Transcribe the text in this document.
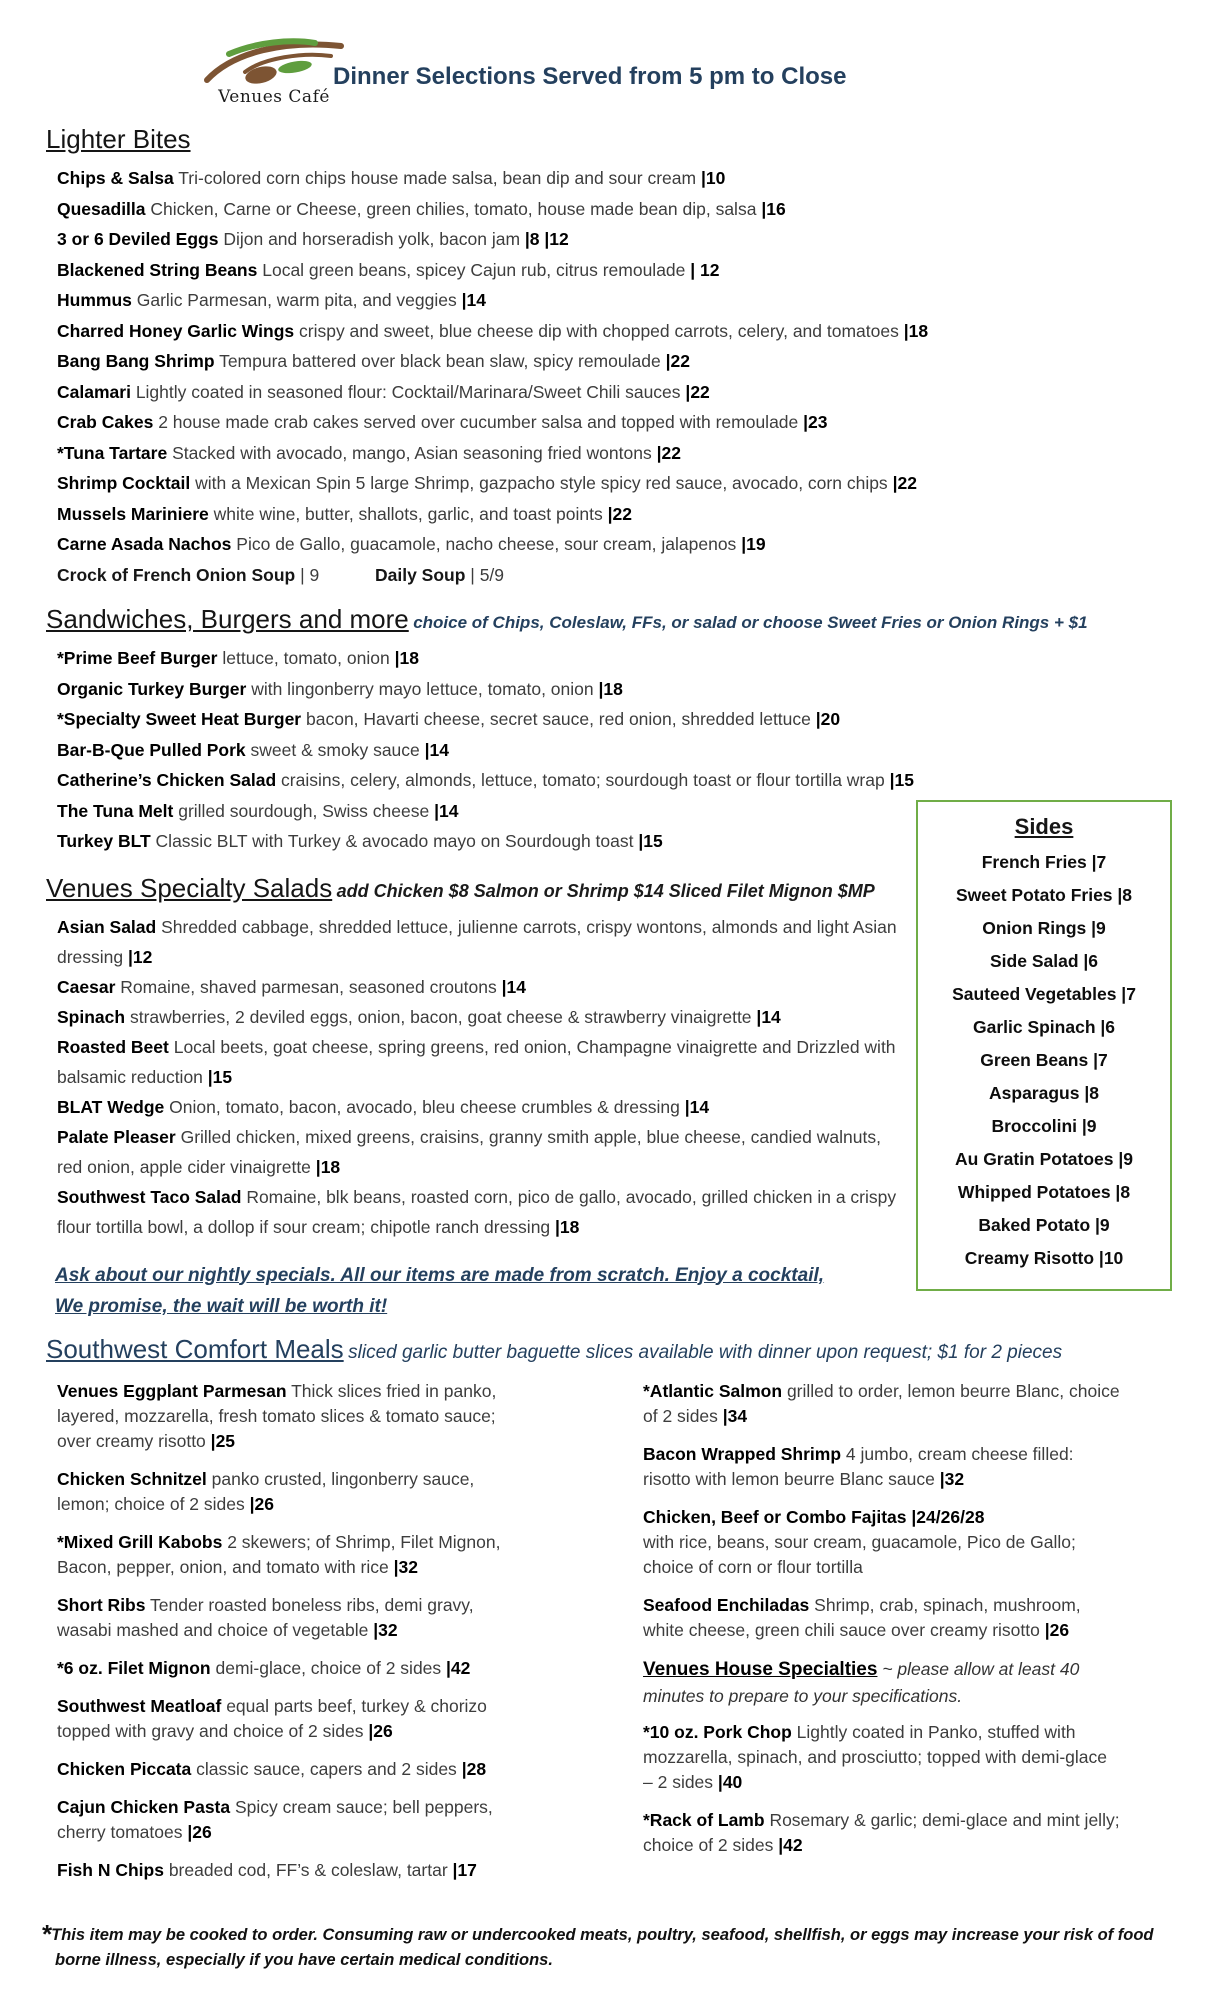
Venues Café
Dinner Selections Served from 5 pm to Close
Lighter Bites

Chips & Salsa Tri-colored corn chips house made salsa, bean dip and sour cream |10

Quesadilla Chicken, Carne or Cheese, green chilies, tomato, house made bean dip, salsa |16

3 or 6 Deviled Eggs Dijon and horseradish yolk, bacon jam |8 |12

Blackened String Beans Local green beans, spicey Cajun rub, citrus remoulade | 12

Hummus Garlic Parmesan, warm pita, and veggies |14

Charred Honey Garlic Wings crispy and sweet, blue cheese dip with chopped carrots, celery, and tomatoes |18

Bang Bang Shrimp Tempura battered over black bean slaw, spicy remoulade |22

Calamari Lightly coated in seasoned flour: Cocktail/Marinara/Sweet Chili sauces |22

Crab Cakes 2 house made crab cakes served over cucumber salsa and topped with remoulade |23

*Tuna Tartare Stacked with avocado, mango, Asian seasoning fried wontons |22

Shrimp Cocktail with a Mexican Spin 5 large Shrimp, gazpacho style spicy red sauce, avocado, corn chips |22

Mussels Mariniere white wine, butter, shallots, garlic, and toast points |22

Carne Asada Nachos Pico de Gallo, guacamole, nacho cheese, sour cream, jalapenos |19

Crock of French Onion Soup | 9	Daily Soup | 5/9

Sandwiches, Burgers and more choice of Chips, Coleslaw, FFs, or salad or choose Sweet Fries or Onion Rings + $1

*Prime Beef Burger lettuce, tomato, onion |18

Organic Turkey Burger with lingonberry mayo lettuce, tomato, onion |18

*Specialty Sweet Heat Burger bacon, Havarti cheese, secret sauce, red onion, shredded lettuce |20

Bar-B-Que Pulled Pork sweet & smoky sauce |14

Catherine’s Chicken Salad craisins, celery, almonds, lettuce, tomato; sourdough toast or flour tortilla wrap |15

The Tuna Melt grilled sourdough, Swiss cheese |14

Turkey BLT Classic BLT with Turkey & avocado mayo on Sourdough toast |15

Sides
French Fries |7
Sweet Potato Fries |8
Onion Rings |9
Side Salad |6
Sauteed Vegetables |7
Garlic Spinach |6
Green Beans |7
Asparagus |8
Broccolini |9
Au Gratin Potatoes |9
Whipped Potatoes |8
Baked Potato |9
Creamy Risotto |10
Venues Specialty Salads add Chicken $8 Salmon or Shrimp $14 Sliced Filet Mignon $MP

Asian Salad Shredded cabbage, shredded lettuce, julienne carrots, crispy wontons, almonds and light Asian dressing |12

Caesar Romaine, shaved parmesan, seasoned croutons |14

Spinach strawberries, 2 deviled eggs, onion, bacon, goat cheese & strawberry vinaigrette |14

Roasted Beet Local beets, goat cheese, spring greens, red onion, Champagne vinaigrette and Drizzled with balsamic reduction |15

BLAT Wedge Onion, tomato, bacon, avocado, bleu cheese crumbles & dressing |14

Palate Pleaser Grilled chicken, mixed greens, craisins, granny smith apple, blue cheese, candied walnuts, red onion, apple cider vinaigrette |18

Southwest Taco Salad Romaine, blk beans, roasted corn, pico de gallo, avocado, grilled chicken in a crispy flour tortilla bowl, a dollop if sour cream; chipotle ranch dressing |18

Ask about our nightly specials. All our items are made from scratch. Enjoy a cocktail,
We promise, the wait will be worth it!

Southwest Comfort Meals sliced garlic butter baguette slices available with dinner upon request; $1 for 2 pieces

Venues Eggplant Parmesan Thick slices fried in panko, layered, mozzarella, fresh tomato slices & tomato sauce; over creamy risotto |25

Chicken Schnitzel panko crusted, lingonberry sauce, lemon; choice of 2 sides |26

*Mixed Grill Kabobs 2 skewers; of Shrimp, Filet Mignon, Bacon, pepper, onion, and tomato with rice |32

Short Ribs Tender roasted boneless ribs, demi gravy, wasabi mashed and choice of vegetable |32

*6 oz. Filet Mignon demi-glace, choice of 2 sides |42

Southwest Meatloaf equal parts beef, turkey & chorizo topped with gravy and choice of 2 sides |26

Chicken Piccata classic sauce, capers and 2 sides |28

Cajun Chicken Pasta Spicy cream sauce; bell peppers, cherry tomatoes |26

Fish N Chips breaded cod, FF’s & coleslaw, tartar |17

*Atlantic Salmon grilled to order, lemon beurre Blanc, choice of 2 sides |34

Bacon Wrapped Shrimp 4 jumbo, cream cheese filled: risotto with lemon beurre Blanc sauce |32

Chicken, Beef or Combo Fajitas |24/26/28
with rice, beans, sour cream, guacamole, Pico de Gallo; choice of corn or flour tortilla

Seafood Enchiladas Shrimp, crab, spinach, mushroom, white cheese, green chili sauce over creamy risotto |26

Venues House Specialties ~ please allow at least 40 minutes to prepare to your specifications.

*10 oz. Pork Chop Lightly coated in Panko, stuffed with mozzarella, spinach, and prosciutto; topped with demi-glace – 2 sides |40

*Rack of Lamb Rosemary & garlic; demi-glace and mint jelly; choice of 2 sides |42

*This item may be cooked to order. Consuming raw or undercooked meats, poultry, seafood, shellfish, or eggs may increase your risk of food borne illness, especially if you have certain medical conditions.
